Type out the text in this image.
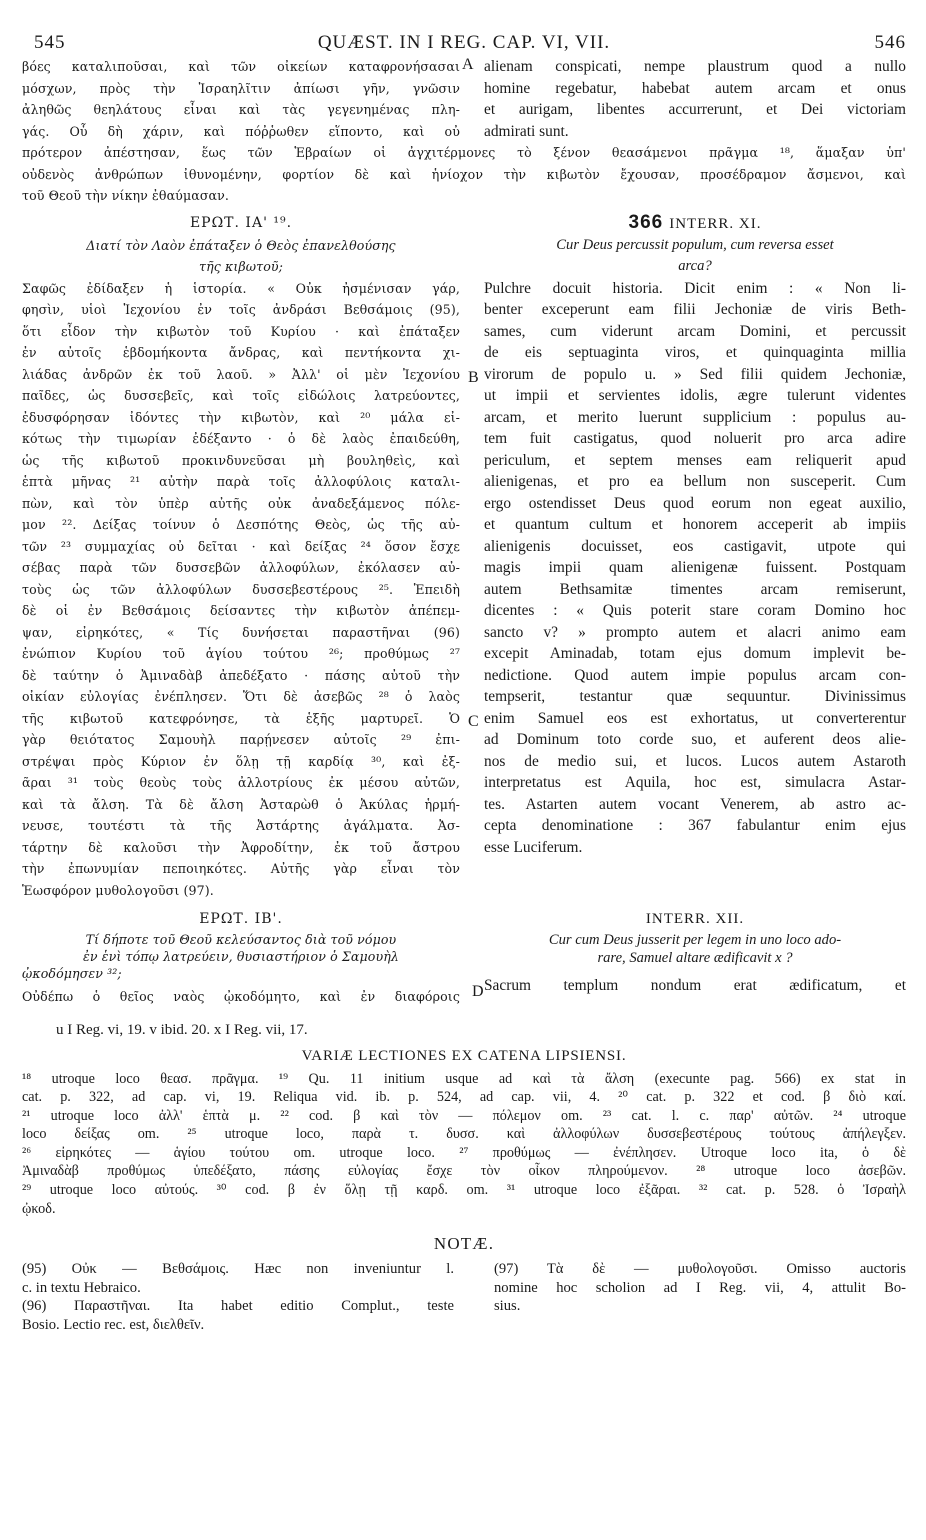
545	QUÆST. IN I REG. CAP. VI, VII.	546
βόες καταλιποῦσαι, καὶ τῶν οἰκείων καταφρονήσασαι
μόσχων, πρὸς τὴν Ἰσραηλῖτιν ἀπίωσι γῆν, γνῶσιν
ἀληθῶς θεηλάτους εἶναι καὶ τὰς γεγενημένας πλη-
γάς. Οὗ δὴ χάριν, καὶ πόῤῥωθεν εἵποντο, καὶ οὐ
A alienam conspicati, nempe plaustrum quod a nullo
homine regebatur, habebat autem arcam et onus
et aurigam, libentes accurrerunt, et Dei victoriam
admirati sunt.
πρότερον ἀπέστησαν, ἕως τῶν Ἑβραίων οἱ ἀγχιτέρμονες τὸ ξένον θεασάμενοι πρᾶγμα ¹⁸, ἅμαξαν ὑπ'
οὐδενὸς ἀνθρώπων ἰθυνομένην, φορτίον δὲ καὶ ἡνίοχον τὴν κιβωτὸν ἔχουσαν, προσέδραμον ἄσμενοι, καὶ
τοῦ Θεοῦ τὴν νίκην ἐθαύμασαν.
ΕΡΩΤ. ΙΑ' ¹⁹.
Διατί τὸν Λαὸν ἐπάταξεν ὁ Θεὸς ἐπανελθούσης
τῆς κιβωτοῦ;
Σαφῶς ἐδίδαξεν ἡ ἱστορία. « Οὐκ ἠσμένισαν γάρ,
φησὶν, υἱοὶ Ἰεχονίου ἐν τοῖς ἀνδράσι Βεθσάμοις (95),
ὅτι εἶδον τὴν κιβωτὸν τοῦ Κυρίου · καὶ ἐπάταξεν
ἐν αὐτοῖς ἑβδομήκοντα ἄνδρας, καὶ πεντήκοντα χι-
λιάδας ἀνδρῶν ἐκ τοῦ λαοῦ. » Ἀλλ' οἱ μὲν Ἰεχονίου
παῖδες, ὡς δυσσεβεῖς, καὶ τοῖς εἰδώλοις λατρεύοντες,
ἐδυσφόρησαν ἰδόντες τὴν κιβωτὸν, καὶ ²⁰ μάλα εἰ-
κότως τὴν τιμωρίαν ἐδέξαντο · ὁ δὲ λαὸς ἐπαιδεύθη,
ὡς τῆς κιβωτοῦ προκινδυνεῦσαι μὴ βουληθεὶς, καὶ
ἑπτὰ μῆνας ²¹ αὐτὴν παρὰ τοῖς ἀλλοφύλοις καταλι-
πὼν, καὶ τὸν ὑπὲρ αὐτῆς οὐκ ἀναδεξάμενος πόλε-
μον ²². Δείξας τοίνυν ὁ Δεσπότης Θεὸς, ὡς τῆς αὐ-
τῶν ²³ συμμαχίας οὐ δεῖται · καὶ δείξας ²⁴ ὅσον ἔσχε
σέβας παρὰ τῶν δυσσεβῶν ἀλλοφύλων, ἐκόλασεν αὐ-
τοὺς ὡς τῶν ἀλλοφύλων δυσσεβεστέρους ²⁵. Ἐπειδὴ
δὲ οἱ ἐν Βεθσάμοις δείσαντες τὴν κιβωτὸν ἀπέπεμ-
ψαν, εἰρηκότες, « Τίς δυνήσεται παραστῆναι (96)
ἐνώπιον Κυρίου τοῦ ἁγίου τούτου ²⁶; προθύμως ²⁷
δὲ ταύτην ὁ Ἀμιναδὰβ ἀπεδέξατο · πάσης αὐτοῦ τὴν
οἰκίαν εὐλογίας ἐνέπλησεν. Ὅτι δὲ ἀσεβῶς ²⁸ ὁ λαὸς
τῆς κιβωτοῦ κατεφρόνησε, τὰ ἑξῆς μαρτυρεῖ. Ὁ
γὰρ θειότατος Σαμουὴλ παρῄνεσεν αὐτοῖς ²⁹ ἐπι-
στρέψαι πρὸς Κύριον ἐν ὅλῃ τῇ καρδίᾳ ³⁰, καὶ ἐξ-
ᾶραι ³¹ τοὺς θεοὺς τοὺς ἀλλοτρίους ἐκ μέσου αὐτῶν,
καὶ τὰ ἄλση. Τὰ δὲ ἄλση Ἀσταρὼθ ὁ Ἀκύλας ἡρμή-
νευσε, τουτέστι τὰ τῆς Ἀστάρτης ἀγάλματα. Ἀσ-
τάρτην δὲ καλοῦσι τὴν Ἀφροδίτην, ἐκ τοῦ ἄστρου
τὴν ἐπωνυμίαν πεποιηκότες. Αὐτῆς γὰρ εἶναι τὸν
Ἑωσφόρον μυθολογοῦσι (97).
B
C
366 INTERR. XI.
Cur Deus percussit populum, cum reversa esset
arca?
Pulchre docuit historia. Dicit enim : « Non li-
benter exceperunt eam filii Jechoniæ de viris Beth-
sames, cum viderunt arcam Domini, et percussit
de eis septuaginta viros, et quinquaginta millia
virorum de populo u. » Sed filii quidem Jechoniæ,
ut impii et servientes idolis, ægre tulerunt videntes
arcam, et merito luerunt supplicium : populus au-
tem fuit castigatus, quod noluerit pro arca adire
periculum, et septem menses eam reliquerit apud
alienigenas, et pro ea bellum non susceperit. Cum
ergo ostendisset Deus quod eorum non egeat auxilio,
et quantum cultum et honorem acceperit ab impiis
alienigenis docuisset, eos castigavit, utpote qui
magis impii quam alienigenæ fuissent. Postquam
autem Bethsamitæ timentes arcam remiserunt,
dicentes : « Quis poterit stare coram Domino hoc
sancto v? » prompto autem et alacri animo eam
excepit Aminadab, totam ejus domum implevit be-
nedictione. Quod autem impie populus arcam con-
tempserit, testantur quæ sequuntur. Divinissimus
enim Samuel eos est exhortatus, ut converterentur
ad Dominum toto corde suo, et auferent deos alie-
nos de medio sui, et lucos. Lucos autem Astaroth
interpretatus est Aquila, hoc est, simulacra Astar-
tes. Astarten autem vocant Venerem, ab astro ac-
cepta denominatione : 367 fabulantur enim ejus
esse Luciferum.
ΕΡΩΤ. ΙΒ'.
Τί δήποτε τοῦ Θεοῦ κελεύσαντος διὰ τοῦ νόμου
ἐν ἑνὶ τόπῳ λατρεύειν, θυσιαστήριον ὁ Σαμουὴλ
ᾠκοδόμησεν ³²;
Οὐδέπω ὁ θεῖος ναὸς ᾠκοδόμητο, καὶ ἐν διαφόροις D
INTERR. XII.
Cur cum Deus jusserit per legem in uno loco ado-
rare, Samuel altare ædificavit x ?
Sacrum templum nondum erat ædificatum, et
u I Reg. vi, 19. v ibid. 20. x I Reg. vii, 17.
VARIÆ LECTIONES EX CATENA LIPSIENSI.
¹⁸ utroque loco θεασ. πρᾶγμα. ¹⁹ Qu. 11 initium usque ad καὶ τὰ ἄλση (execunte pag. 566) ex stat in
cat. p. 322, ad cap. vi, 19. Reliqua vid. ib. p. 524, ad cap. vii, 4. ²⁰ cat. p. 322 et cod. β διὸ καί.
²¹ utroque loco ἀλλ' ἑπτὰ μ. ²² cod. β καὶ τὸν — πόλεμον om. ²³ cat. l. c. παρ' αὐτῶν. ²⁴ utroque
loco δείξας om. ²⁵ utroque loco, παρὰ τ. δυσσ. καὶ ἀλλοφύλων δυσσεβεστέρους τούτους ἀπήλεγξεν.
²⁶ εἰρηκότες — ἁγίου τούτου om. utroque loco. ²⁷ προθύμως — ἐνέπλησεν. Utroque loco ita, ὁ δὲ
Ἀμιναδὰβ προθύμως ὑπεδέξατο, πάσης εὐλογίας ἔσχε τὸν οἶκον πληρούμενον. ²⁸ utroque loco ἀσεβῶν.
²⁹ utroque loco αὐτούς. ³⁰ cod. β ἐν ὅλῃ τῇ καρδ. om. ³¹ utroque loco ἐξᾶραι. ³² cat. p. 528. ὁ Ἰσραὴλ
ᾠκοδ.
NOTÆ.
(95) Οὐκ — Βεθσάμοις. Hæc non inveniuntur l.
c. in textu Hebraico.
(96) Παραστῆναι. Ita habet editio Complut., teste
Bosio. Lectio rec. est, διελθεῖν.
(97) Τὰ δὲ — μυθολογοῦσι. Omisso auctoris
nomine hoc scholion ad I Reg. vii, 4, attulit Bo-
sius.
